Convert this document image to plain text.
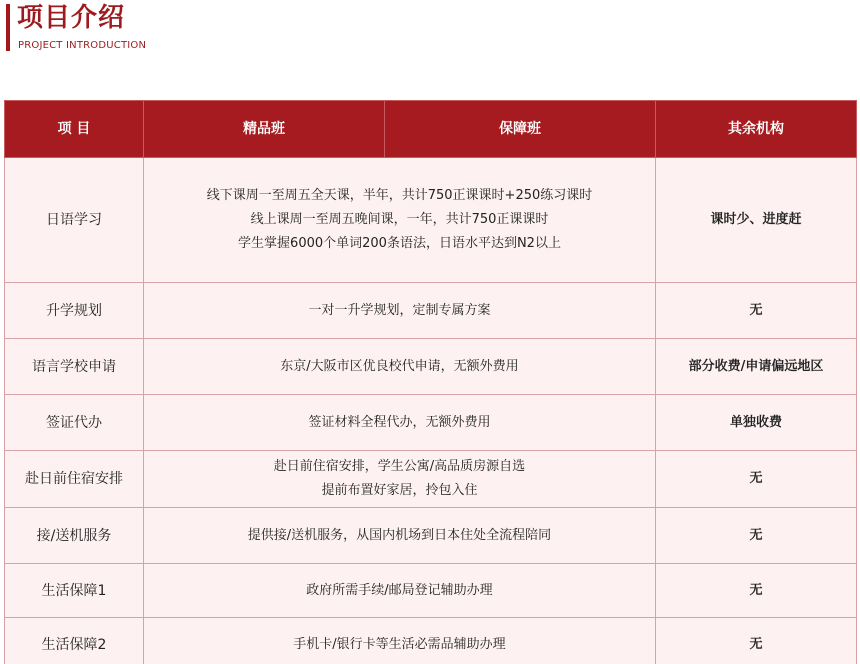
项目介绍
PROJECT INTRODUCTION
项 目	精品班	保障班	其余机构
日语学习	线下课周一至周五全天课，半年，共计750正课课时+250练习课时
线上课周一至周五晚间课，一年，共计750正课课时
学生掌握6000个单词200条语法，日语水平达到N2以上		课时少、进度赶
升学规划	一对一升学规划，定制专属方案		无
语言学校申请	东京/大阪市区优良校代申请，无额外费用		部分收费/申请偏远地区
签证代办	签证材料全程代办，无额外费用		单独收费
赴日前住宿安排	赴日前住宿安排，学生公寓/高品质房源自选
提前布置好家居，拎包入住		无
接/送机服务	提供接/送机服务，从国内机场到日本住处全流程陪同		无
生活保障1	政府所需手续/邮局登记辅助办理		无
生活保障2	手机卡/银行卡等生活必需品辅助办理		无
